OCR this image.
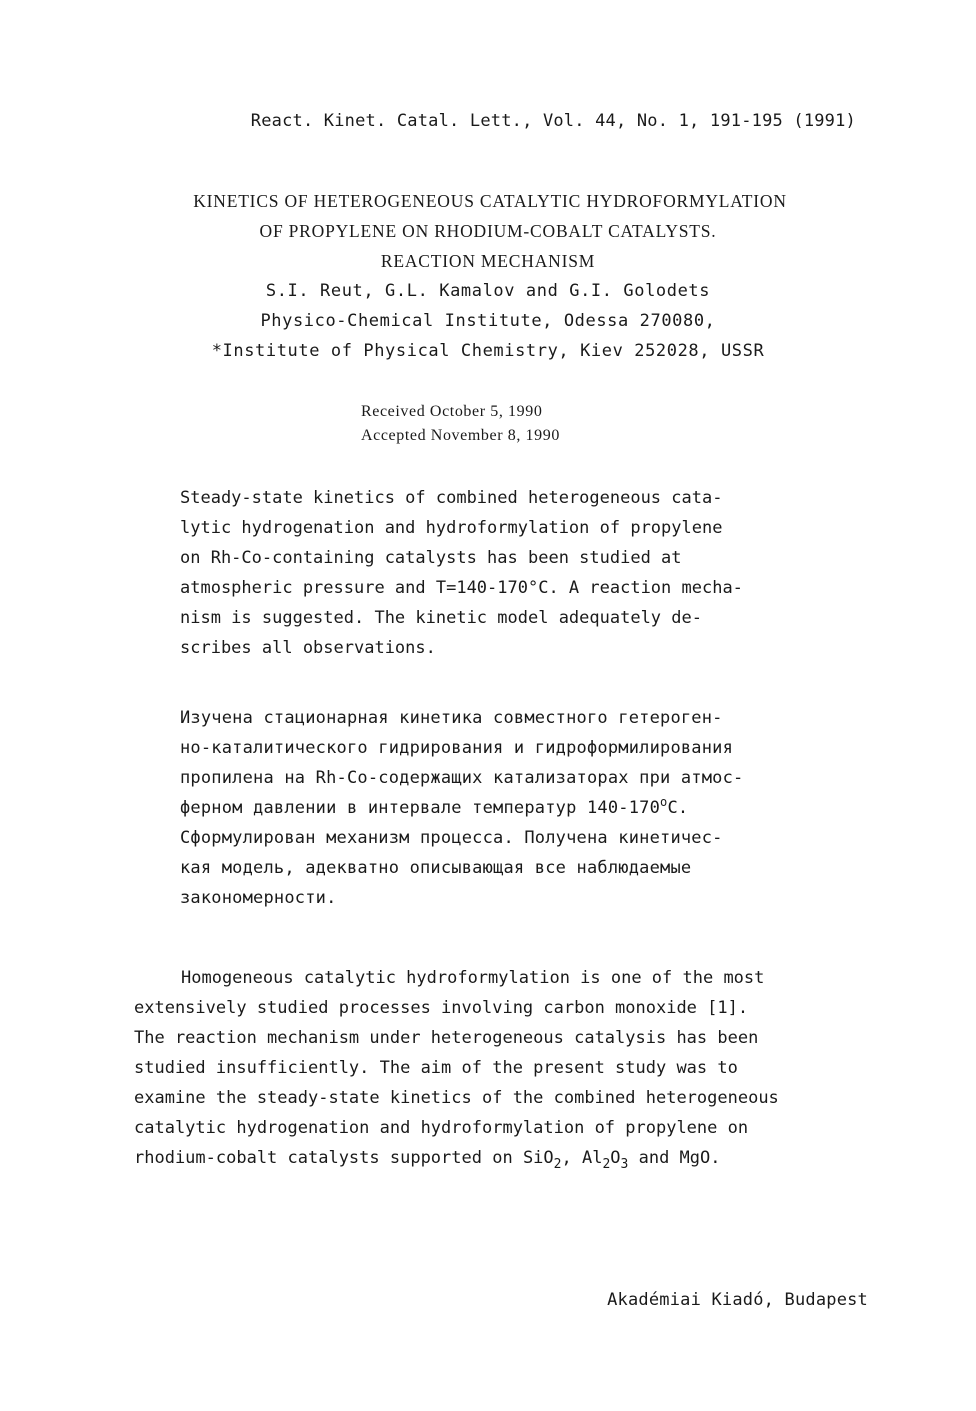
React. Kinet. Catal. Lett., Vol. 44, No. 1, 191-195 (1991)
KINETICS OF HETEROGENEOUS CATALYTIC HYDROFORMYLATION
OF PROPYLENE ON RHODIUM-COBALT CATALYSTS.
REACTION MECHANISM
S.I. Reut, G.L. Kamalov and G.I. Golodets
Physico-Chemical Institute, Odessa 270080,
*Institute of Physical Chemistry, Kiev 252028, USSR
Received October 5, 1990
Accepted November 8, 1990
Steady-state kinetics of combined heterogeneous cata-
lytic hydrogenation and hydroformylation of propylene
on Rh-Co-containing catalysts has been studied at
atmospheric pressure and T=140-170°C. A reaction mecha-
nism is suggested. The kinetic model adequately de-
scribes all observations.
Изучена стационарная кинетика совместного гетероген-
но-каталитического гидрирования и гидроформилирования
пропилена на Rh-Co-содержащих катализаторах при атмос-
ферном давлении в интервале температур 140-170$^o$C.
Сформулирован механизм процесса. Получена кинетичес-
кая модель, адекватно описывающая все наблюдаемые
закономерности.
Homogeneous catalytic hydroformylation is one of the most
extensively studied processes involving carbon monoxide [1].
The reaction mechanism under heterogeneous catalysis has been
studied insufficiently. The aim of the present study was to
examine the steady-state kinetics of the combined heterogeneous
catalytic hydrogenation and hydroformylation of propylene on
rhodium-cobalt catalysts supported on SiO$_2$, $Al_2O_3$ and MgO.
Akadémiai Kiadó, Budapest
